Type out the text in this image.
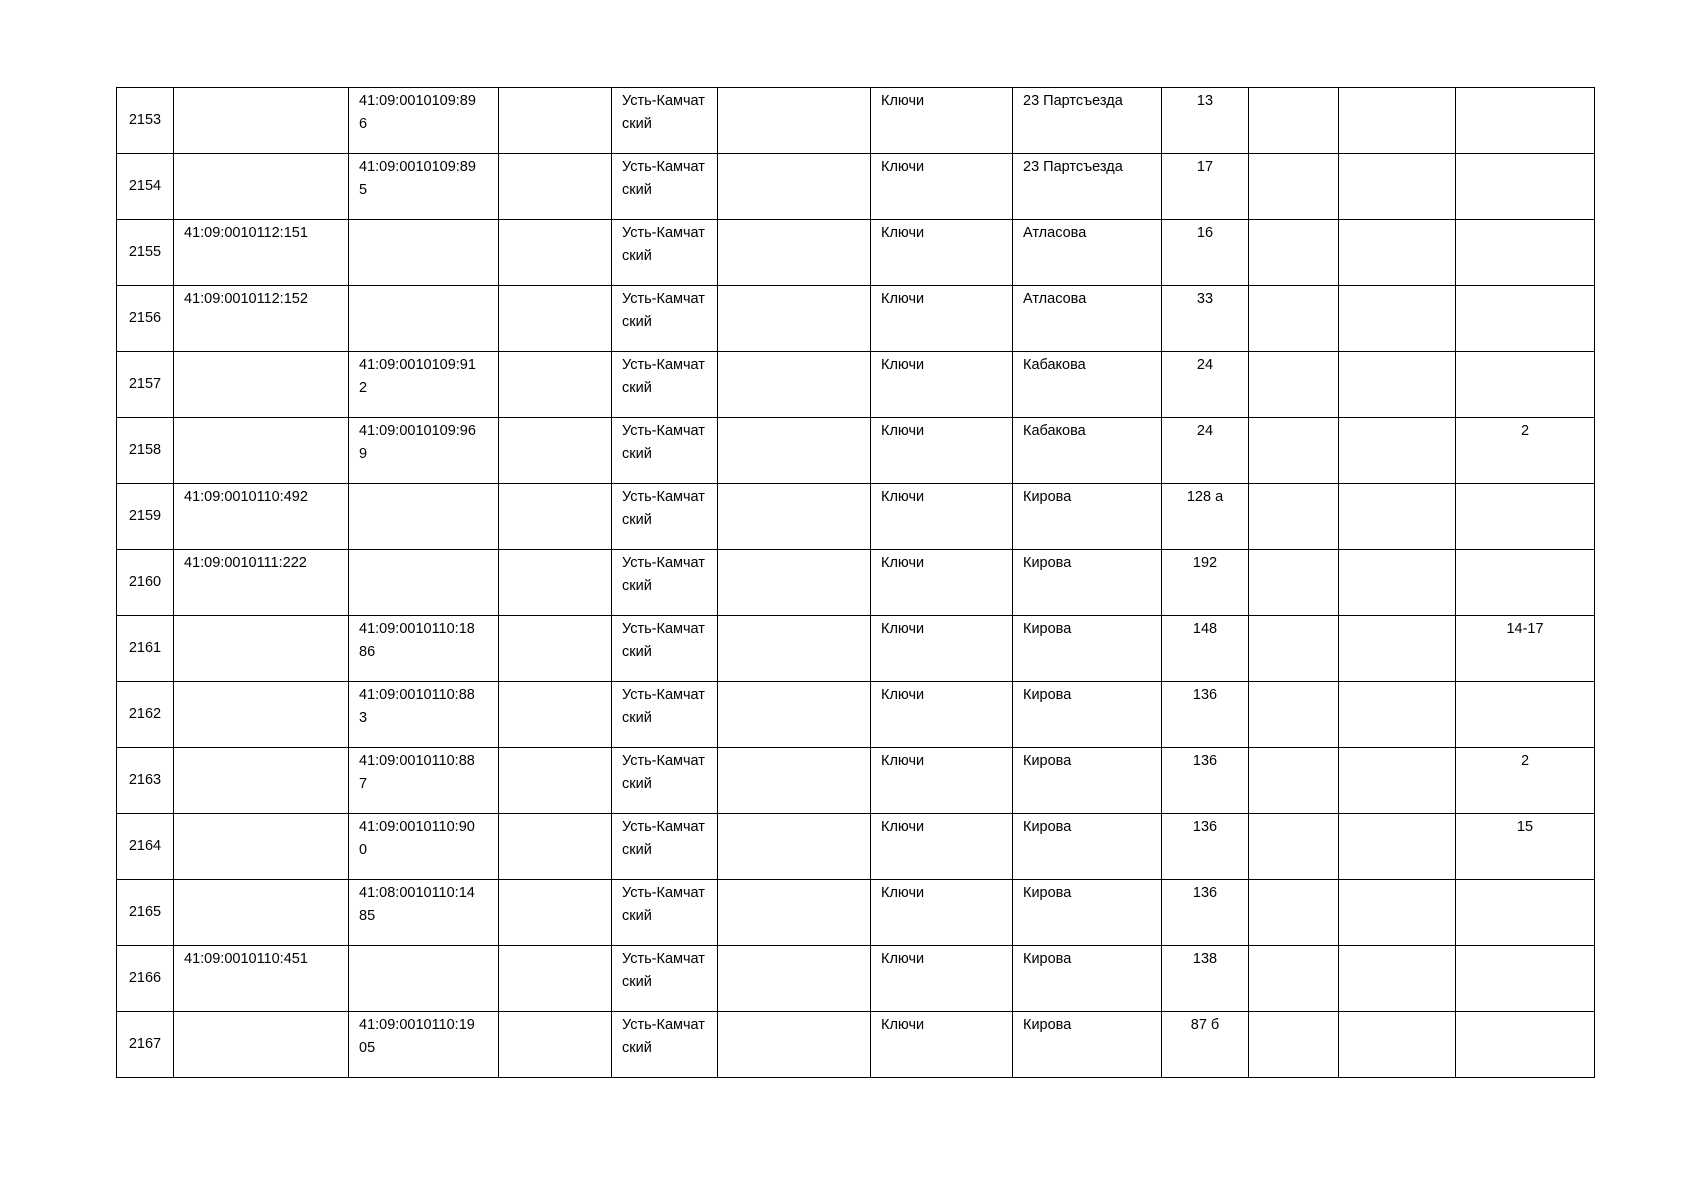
2153		41:09:0010109:896		Усть-Камчатский		Ключи	23 Партсъезда	13			

2154		41:09:0010109:895		Усть-Камчатский		Ключи	23 Партсъезда	17			

2155	41:09:0010112:151			Усть-Камчатский		Ключи	Атласова	16			

2156	41:09:0010112:152			Усть-Камчатский		Ключи	Атласова	33			

2157		41:09:0010109:912		Усть-Камчатский		Ключи	Кабакова	24			

2158		41:09:0010109:969		Усть-Камчатский		Ключи	Кабакова	24			2

2159	41:09:0010110:492			Усть-Камчатский		Ключи	Кирова	128 а			

2160	41:09:0010111:222			Усть-Камчатский		Ключи	Кирова	192			

2161		41:09:0010110:1886		Усть-Камчатский		Ключи	Кирова	148			14-17

2162		41:09:0010110:883		Усть-Камчатский		Ключи	Кирова	136			

2163		41:09:0010110:887		Усть-Камчатский		Ключи	Кирова	136			2

2164		41:09:0010110:900		Усть-Камчатский		Ключи	Кирова	136			15

2165		41:08:0010110:1485		Усть-Камчатский		Ключи	Кирова	136			

2166	41:09:0010110:451			Усть-Камчатский		Ключи	Кирова	138			

2167		41:09:0010110:1905		Усть-Камчатский		Ключи	Кирова	87 б			
